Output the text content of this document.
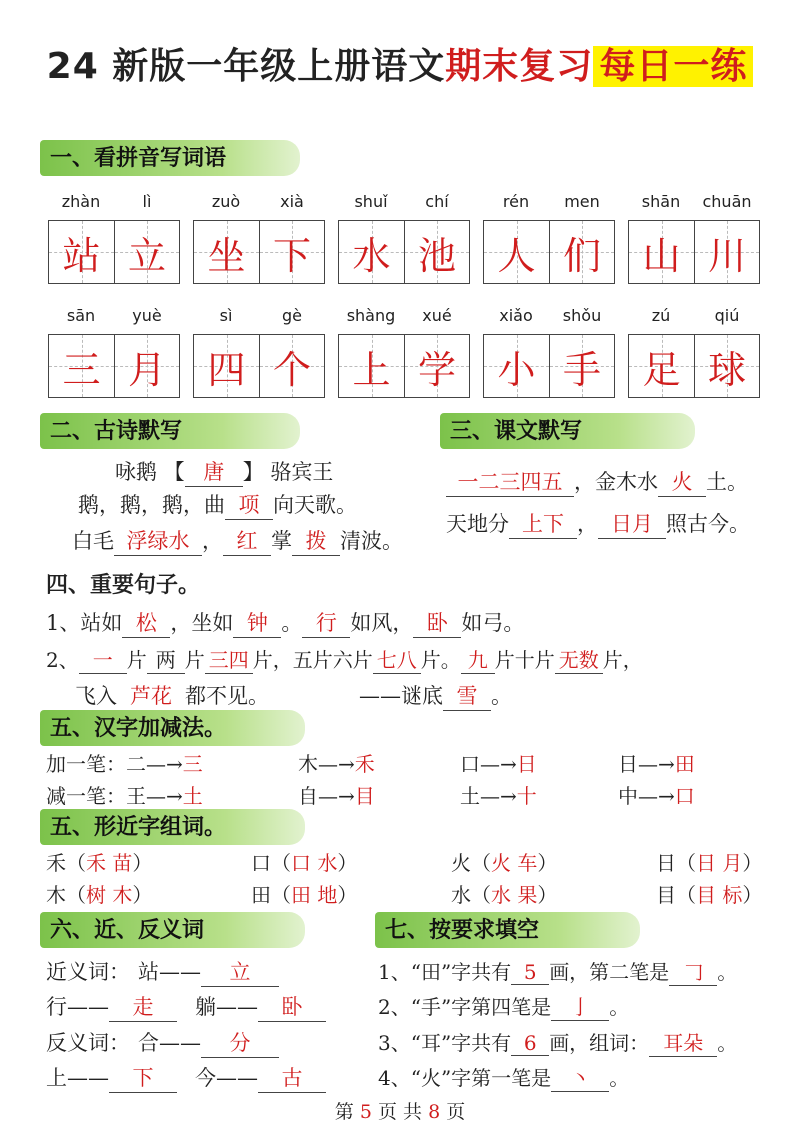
24 新版一年级上册语文期末复习 每日一练
一、看拼音写词语
zhàn	lì
站 立
zuò	xià
坐 下
shuǐ	chí
水 池
rén	men
人 们
shān	chuān
山 川
sān	yuè
三 月
sì	gè
四 个
shàng	xué
上 学
xiǎo	shǒu
小 手
zú	qiú
足 球
二、古诗默写
咏鹅 【 唐 】 骆宾王
鹅，鹅，鹅，曲 项 向天歌。
白毛 浮绿水 ， 红 掌 拨 清波。
三、课文默写
一二三四五 ，金木水 火 土。
天地分 上下 ， 日月 照古今。
四、重要句子。
1、站如 松 ，坐如 钟 。 行 如风， 卧 如弓。
2、 一 片 两 片 三四 片，五片六片 七八 片。 九 片十片 无数 片，
飞入 芦花 都不见。	——谜底 雪 。
五、汉字加减法。
加一笔：二—→三	木—→禾	口—→日	日—→田
减一笔：王—→土	自—→目	土—→十	中—→口
五、形近字组词。
禾（禾 苗）	口（口 水）	火（火 车）	日（日 月）
木（树 木）	田（田 地）	水（水 果）	目（目 标）
六、近、反义词
近义词： 站—— 立
行—— 走 躺—— 卧
反义词： 合—— 分
上—— 下 今—— 古
七、按要求填空
1、“田”字共有 5 画，第二笔是 𠃌 。
2、“手”字第四笔是 亅 。
3、“耳”字共有 6 画，组词： 耳朵 。
4、“火”字第一笔是 丶 。
第 5 页 共 8 页
